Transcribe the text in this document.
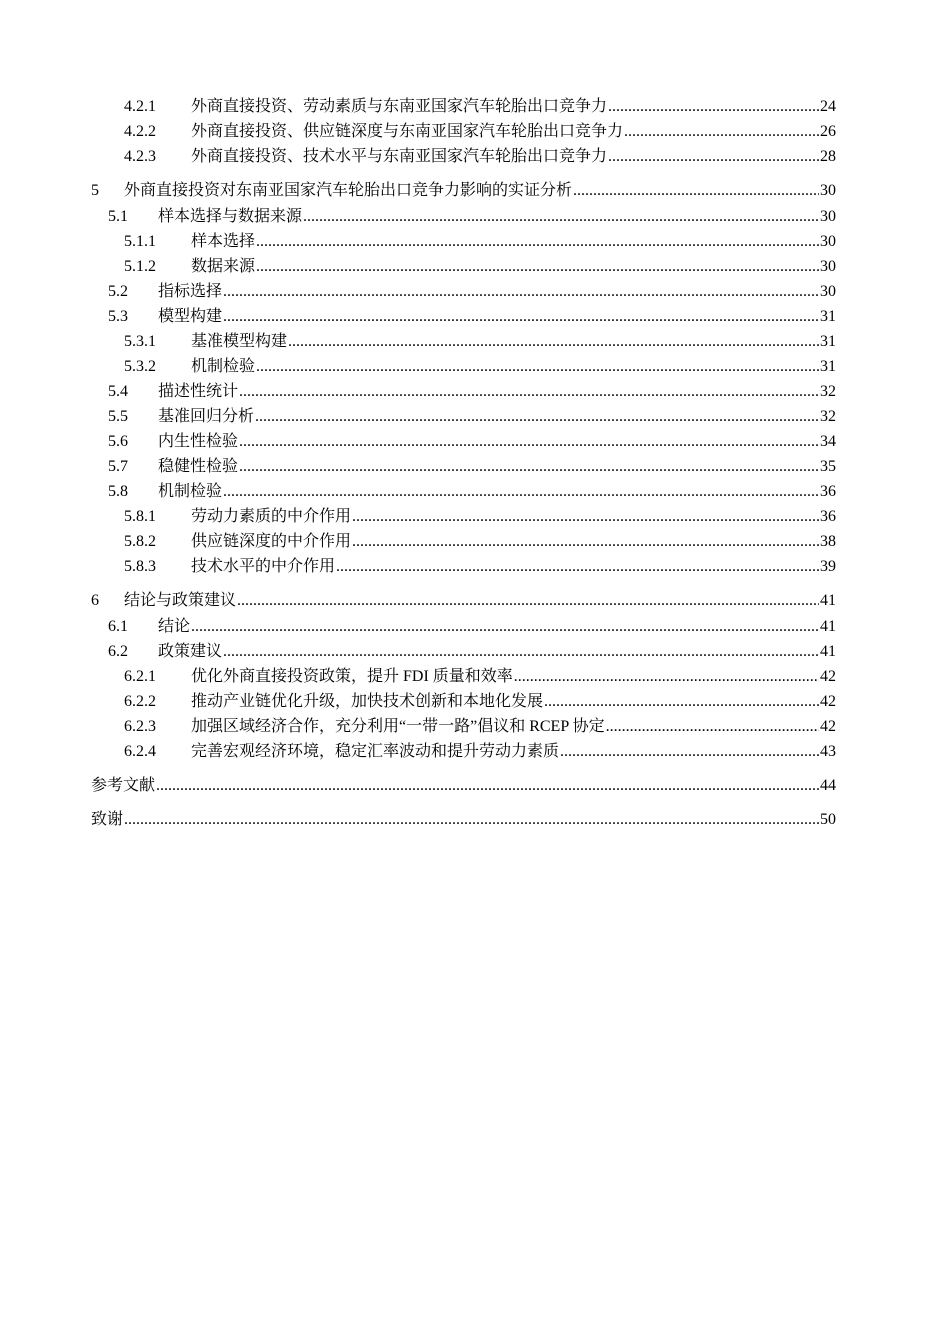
4.2.1	外商直接投资、劳动素质与东南亚国家汽车轮胎出口竞争力 .....	24
4.2.2	外商直接投资、供应链深度与东南亚国家汽车轮胎出口竞争力 .....	26
4.2.3	外商直接投资、技术水平与东南亚国家汽车轮胎出口竞争力 .....	28
5	外商直接投资对东南亚国家汽车轮胎出口竞争力影响的实证分析 .....	30
5.1	样本选择与数据来源 .....	30
5.1.1	样本选择 .....	30
5.1.2	数据来源 .....	30
5.2	指标选择 .....	30
5.3	模型构建 .....	31
5.3.1	基准模型构建 .....	31
5.3.2	机制检验 .....	31
5.4	描述性统计 .....	32
5.5	基准回归分析 .....	32
5.6	内生性检验 .....	34
5.7	稳健性检验 .....	35
5.8	机制检验 .....	36
5.8.1	劳动力素质的中介作用 .....	36
5.8.2	供应链深度的中介作用 .....	38
5.8.3	技术水平的中介作用 .....	39
6	结论与政策建议 .....	41
6.1	结论 .....	41
6.2	政策建议 .....	41
6.2.1	优化外商直接投资政策，提升 FDI 质量和效率 .....	42
6.2.2	推动产业链优化升级，加快技术创新和本地化发展 .....	42
6.2.3	加强区域经济合作，充分利用“一带一路”倡议和 RCEP 协定 .....	42
6.2.4	完善宏观经济环境，稳定汇率波动和提升劳动力素质 .....	43
参考文献 .....	44
致谢 .....	50
